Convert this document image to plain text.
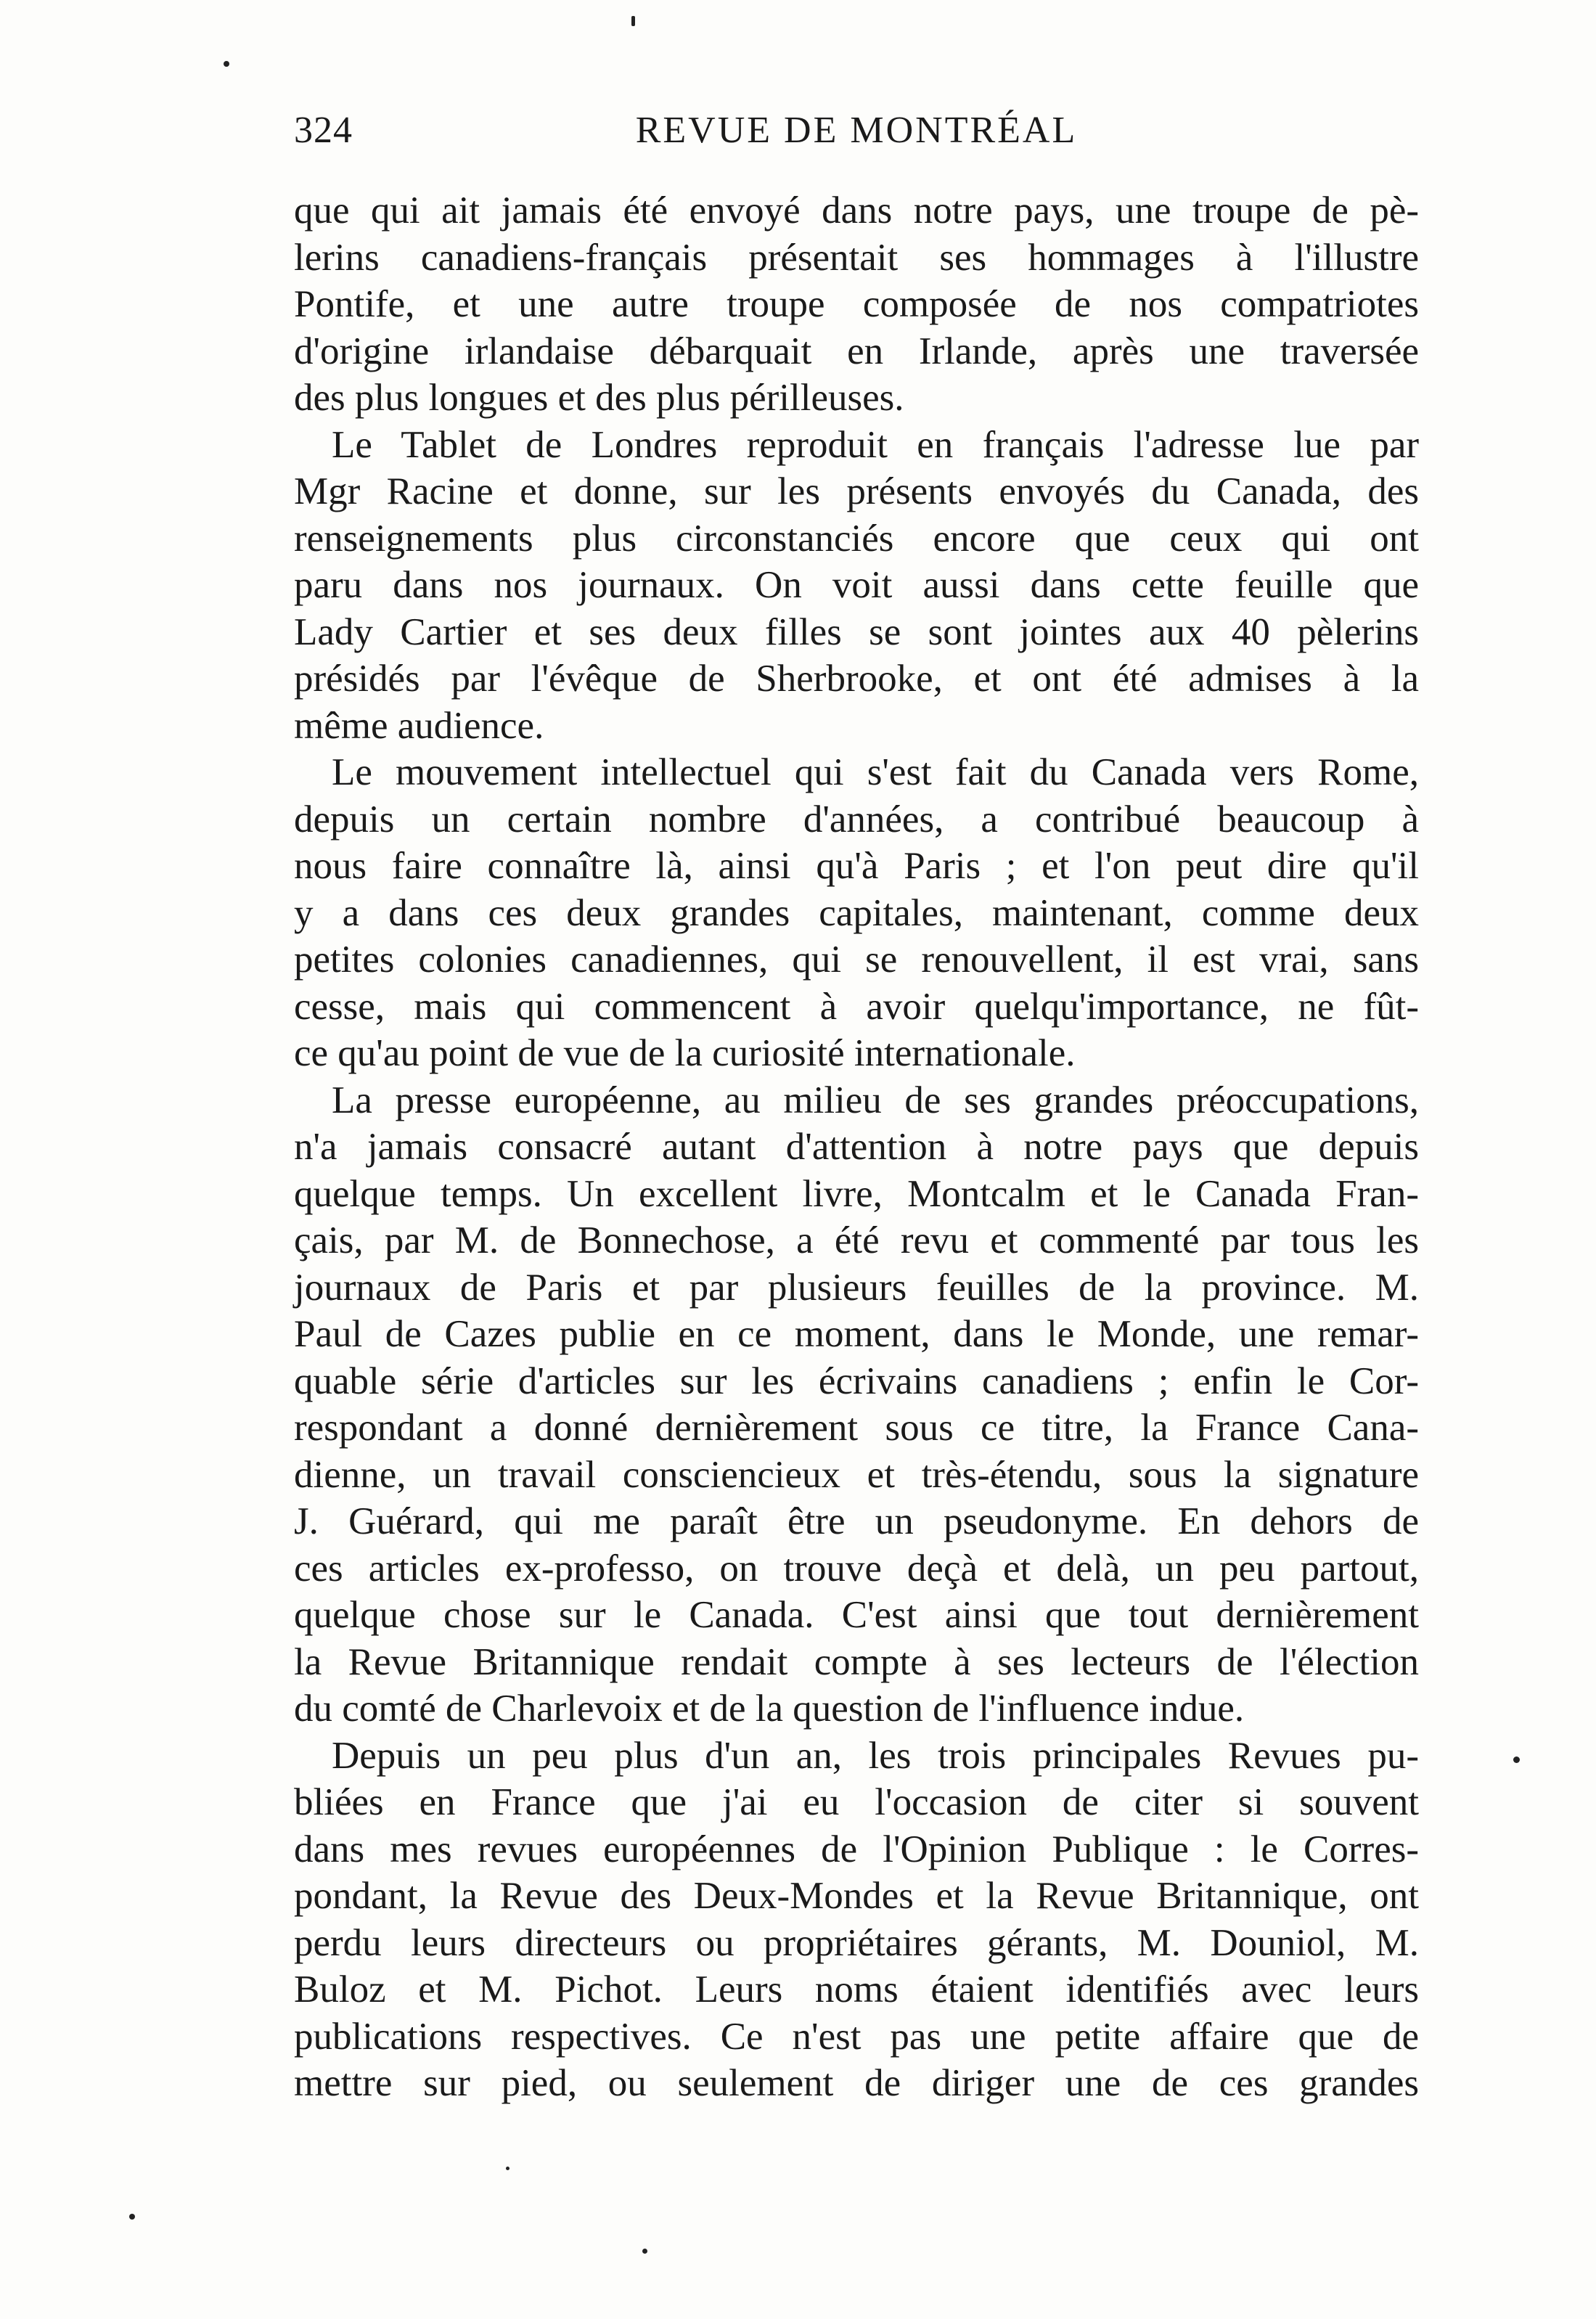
324	REVUE DE MONTRÉAL
que qui ait jamais été envoyé dans notre pays, une troupe de pè-
lerins canadiens-français présentait ses hommages à l'illustre
Pontife, et une autre troupe composée de nos compatriotes
d'origine irlandaise débarquait en Irlande, après une traversée
des plus longues et des plus périlleuses.
Le Tablet de Londres reproduit en français l'adresse lue par
Mgr Racine et donne, sur les présents envoyés du Canada, des
renseignements plus circonstanciés encore que ceux qui ont
paru dans nos journaux. On voit aussi dans cette feuille que
Lady Cartier et ses deux filles se sont jointes aux 40 pèlerins
présidés par l'évêque de Sherbrooke, et ont été admises à la
même audience.
Le mouvement intellectuel qui s'est fait du Canada vers Rome,
depuis un certain nombre d'années, a contribué beaucoup à
nous faire connaître là, ainsi qu'à Paris ; et l'on peut dire qu'il
y a dans ces deux grandes capitales, maintenant, comme deux
petites colonies canadiennes, qui se renouvellent, il est vrai, sans
cesse, mais qui commencent à avoir quelqu'importance, ne fût-
ce qu'au point de vue de la curiosité internationale.
La presse européenne, au milieu de ses grandes préoccupations,
n'a jamais consacré autant d'attention à notre pays que depuis
quelque temps. Un excellent livre, Montcalm et le Canada Fran-
çais, par M. de Bonnechose, a été revu et commenté par tous les
journaux de Paris et par plusieurs feuilles de la province. M.
Paul de Cazes publie en ce moment, dans le Monde, une remar-
quable série d'articles sur les écrivains canadiens ; enfin le Cor-
respondant a donné dernièrement sous ce titre, la France Cana-
dienne, un travail consciencieux et très-étendu, sous la signature
J. Guérard, qui me paraît être un pseudonyme. En dehors de
ces articles ex-professo, on trouve deçà et delà, un peu partout,
quelque chose sur le Canada. C'est ainsi que tout dernièrement
la Revue Britannique rendait compte à ses lecteurs de l'élection
du comté de Charlevoix et de la question de l'influence indue.
Depuis un peu plus d'un an, les trois principales Revues pu-
bliées en France que j'ai eu l'occasion de citer si souvent
dans mes revues européennes de l'Opinion Publique : le Corres-
pondant, la Revue des Deux-Mondes et la Revue Britannique, ont
perdu leurs directeurs ou propriétaires gérants, M. Douniol, M.
Buloz et M. Pichot. Leurs noms étaient identifiés avec leurs
publications respectives. Ce n'est pas une petite affaire que de
mettre sur pied, ou seulement de diriger une de ces grandes
